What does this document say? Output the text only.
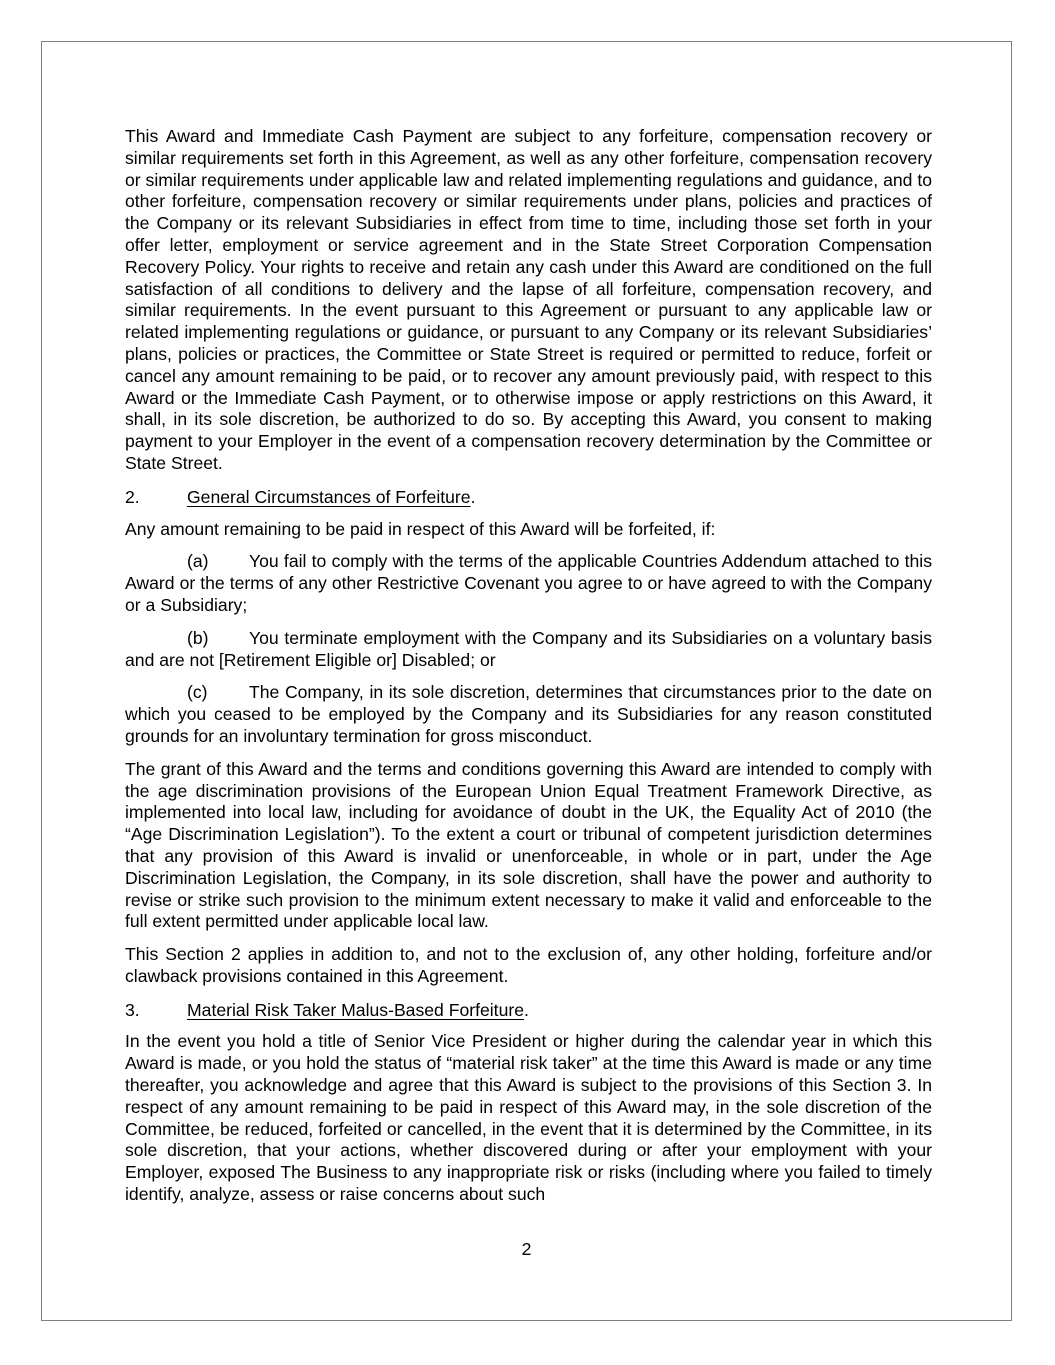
This Award and Immediate Cash Payment are subject to any forfeiture, compensation recovery or similar requirements set forth in this Agreement, as well as any other forfeiture, compensation recovery or similar requirements under applicable law and related implementing regulations and guidance, and to other forfeiture, compensation recovery or similar requirements under plans, policies and practices of the Company or its relevant Subsidiaries in effect from time to time, including those set forth in your offer letter, employment or service agreement and in the State Street Corporation Compensation Recovery Policy. Your rights to receive and retain any cash under this Award are conditioned on the full satisfaction of all conditions to delivery and the lapse of all forfeiture, compensation recovery, and similar requirements. In the event pursuant to this Agreement or pursuant to any applicable law or related implementing regulations or guidance, or pursuant to any Company or its relevant Subsidiaries’ plans, policies or practices, the Committee or State Street is required or permitted to reduce, forfeit or cancel any amount remaining to be paid, or to recover any amount previously paid, with respect to this Award or the Immediate Cash Payment, or to otherwise impose or apply restrictions on this Award, it shall, in its sole discretion, be authorized to do so. By accepting this Award, you consent to making payment to your Employer in the event of a compensation recovery determination by the Committee or State Street.

2.	General Circumstances of Forfeiture.

Any amount remaining to be paid in respect of this Award will be forfeited, if:

(a) You fail to comply with the terms of the applicable Countries Addendum attached to this Award or the terms of any other Restrictive Covenant you agree to or have agreed to with the Company or a Subsidiary;

(b) You terminate employment with the Company and its Subsidiaries on a voluntary basis and are not [Retirement Eligible or] Disabled; or

(c) The Company, in its sole discretion, determines that circumstances prior to the date on which you ceased to be employed by the Company and its Subsidiaries for any reason constituted grounds for an involuntary termination for gross misconduct.

The grant of this Award and the terms and conditions governing this Award are intended to comply with the age discrimination provisions of the European Union Equal Treatment Framework Directive, as implemented into local law, including for avoidance of doubt in the UK, the Equality Act of 2010 (the “Age Discrimination Legislation”). To the extent a court or tribunal of competent jurisdiction determines that any provision of this Award is invalid or unenforceable, in whole or in part, under the Age Discrimination Legislation, the Company, in its sole discretion, shall have the power and authority to revise or strike such provision to the minimum extent necessary to make it valid and enforceable to the full extent permitted under applicable local law.

This Section 2 applies in addition to, and not to the exclusion of, any other holding, forfeiture and/or clawback provisions contained in this Agreement.

3.	Material Risk Taker Malus-Based Forfeiture.

In the event you hold a title of Senior Vice President or higher during the calendar year in which this Award is made, or you hold the status of “material risk taker” at the time this Award is made or any time thereafter, you acknowledge and agree that this Award is subject to the provisions of this Section 3. In respect of any amount remaining to be paid in respect of this Award may, in the sole discretion of the Committee, be reduced, forfeited or cancelled, in the event that it is determined by the Committee, in its sole discretion, that your actions, whether discovered during or after your employment with your Employer, exposed The Business to any inappropriate risk or risks (including where you failed to timely identify, analyze, assess or raise concerns about such

2
